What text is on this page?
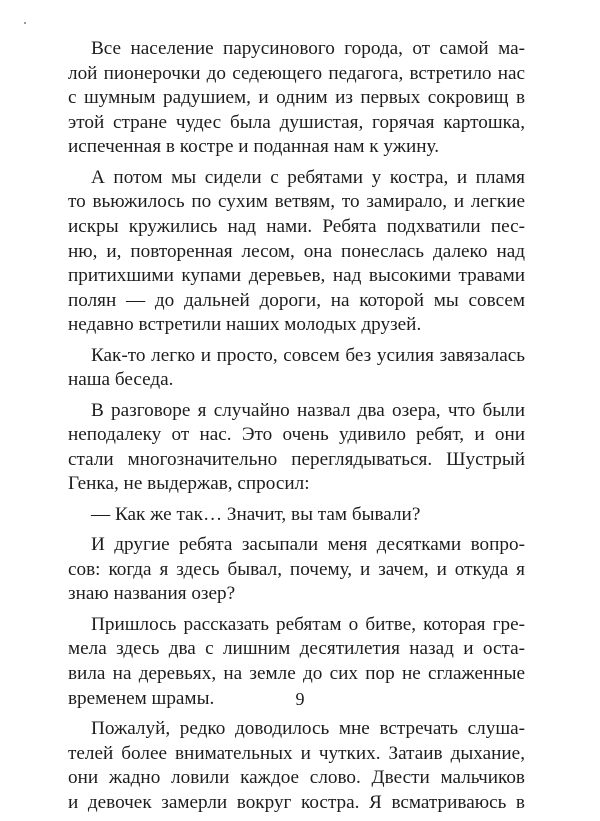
Все население парусинового города, от самой ма-
лой пионерочки до седеющего педагога, встретило нас
с шумным радушием, и одним из первых сокровищ в
этой стране чудес была душистая, горячая картошка,
испеченная в костре и поданная нам к ужину.
А потом мы сидели с ребятами у костра, и пламя
то вьюжилось по сухим ветвям, то замирало, и легкие
искры кружились над нами. Ребята подхватили пес-
ню, и, повторенная лесом, она понеслась далеко над
притихшими купами деревьев, над высокими травами
полян — до дальней дороги, на которой мы совсем
недавно встретили наших молодых друзей.
Как-то легко и просто, совсем без усилия завязалась
наша беседа.
В разговоре я случайно назвал два озера, что были
неподалеку от нас. Это очень удивило ребят, и они
стали многозначительно переглядываться. Шустрый
Генка, не выдержав, спросил:
— Как же так… Значит, вы там бывали?
И другие ребята засыпали меня десятками вопро-
сов: когда я здесь бывал, почему, и зачем, и откуда я
знаю названия озер?
Пришлось рассказать ребятам о битве, которая гре-
мела здесь два с лишним десятилетия назад и оста-
вила на деревьях, на земле до сих пор не сглаженные
временем шрамы.
Пожалуй, редко доводилось мне встречать слуша-
телей более внимательных и чутких. Затаив дыхание,
они жадно ловили каждое слово. Двести мальчиков
и девочек замерли вокруг костра. Я всматриваюсь в
9
